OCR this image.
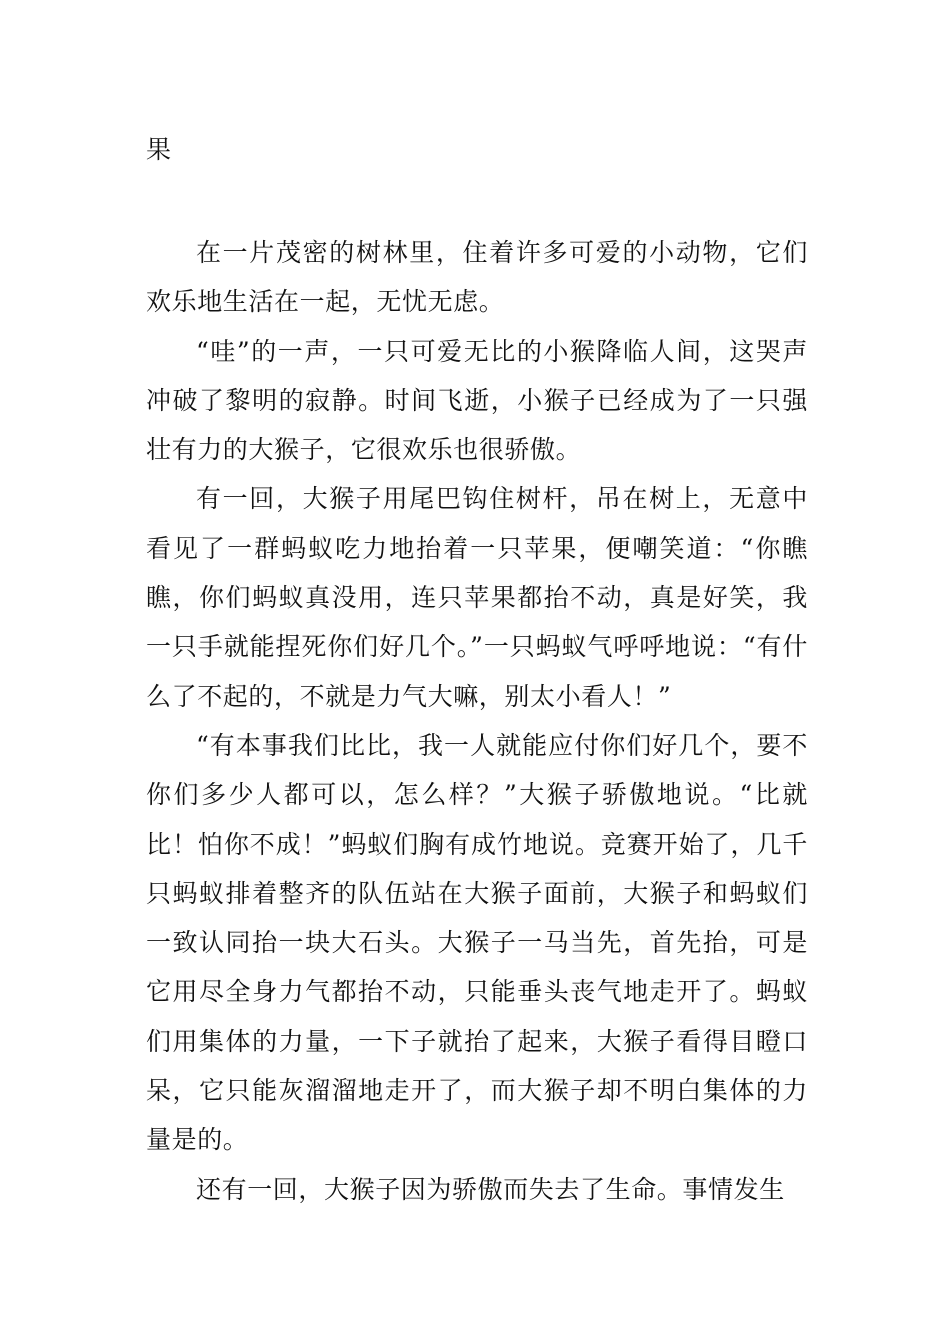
果

在一片茂密的树林里，住着许多可爱的小动物，它们欢乐地生活在一起，无忧无虑。

“哇”的一声，一只可爱无比的小猴降临人间，这哭声冲破了黎明的寂静。时间飞逝，小猴子已经成为了一只强壮有力的大猴子，它很欢乐也很骄傲。

有一回，大猴子用尾巴钩住树杆，吊在树上，无意中看见了一群蚂蚁吃力地抬着一只苹果，便嘲笑道：“你瞧瞧，你们蚂蚁真没用，连只苹果都抬不动，真是好笑，我一只手就能捏死你们好几个。”一只蚂蚁气呼呼地说：“有什么了不起的，不就是力气大嘛，别太小看人！”

“有本事我们比比，我一人就能应付你们好几个，要不你们多少人都可以，怎么样？”大猴子骄傲地说。“比就比！怕你不成！”蚂蚁们胸有成竹地说。竞赛开始了，几千只蚂蚁排着整齐的队伍站在大猴子面前，大猴子和蚂蚁们一致认同抬一块大石头。大猴子一马当先，首先抬，可是它用尽全身力气都抬不动，只能垂头丧气地走开了。蚂蚁们用集体的力量，一下子就抬了起来，大猴子看得目瞪口呆，它只能灰溜溜地走开了，而大猴子却不明白集体的力量是的。

还有一回，大猴子因为骄傲而失去了生命。事情发生
